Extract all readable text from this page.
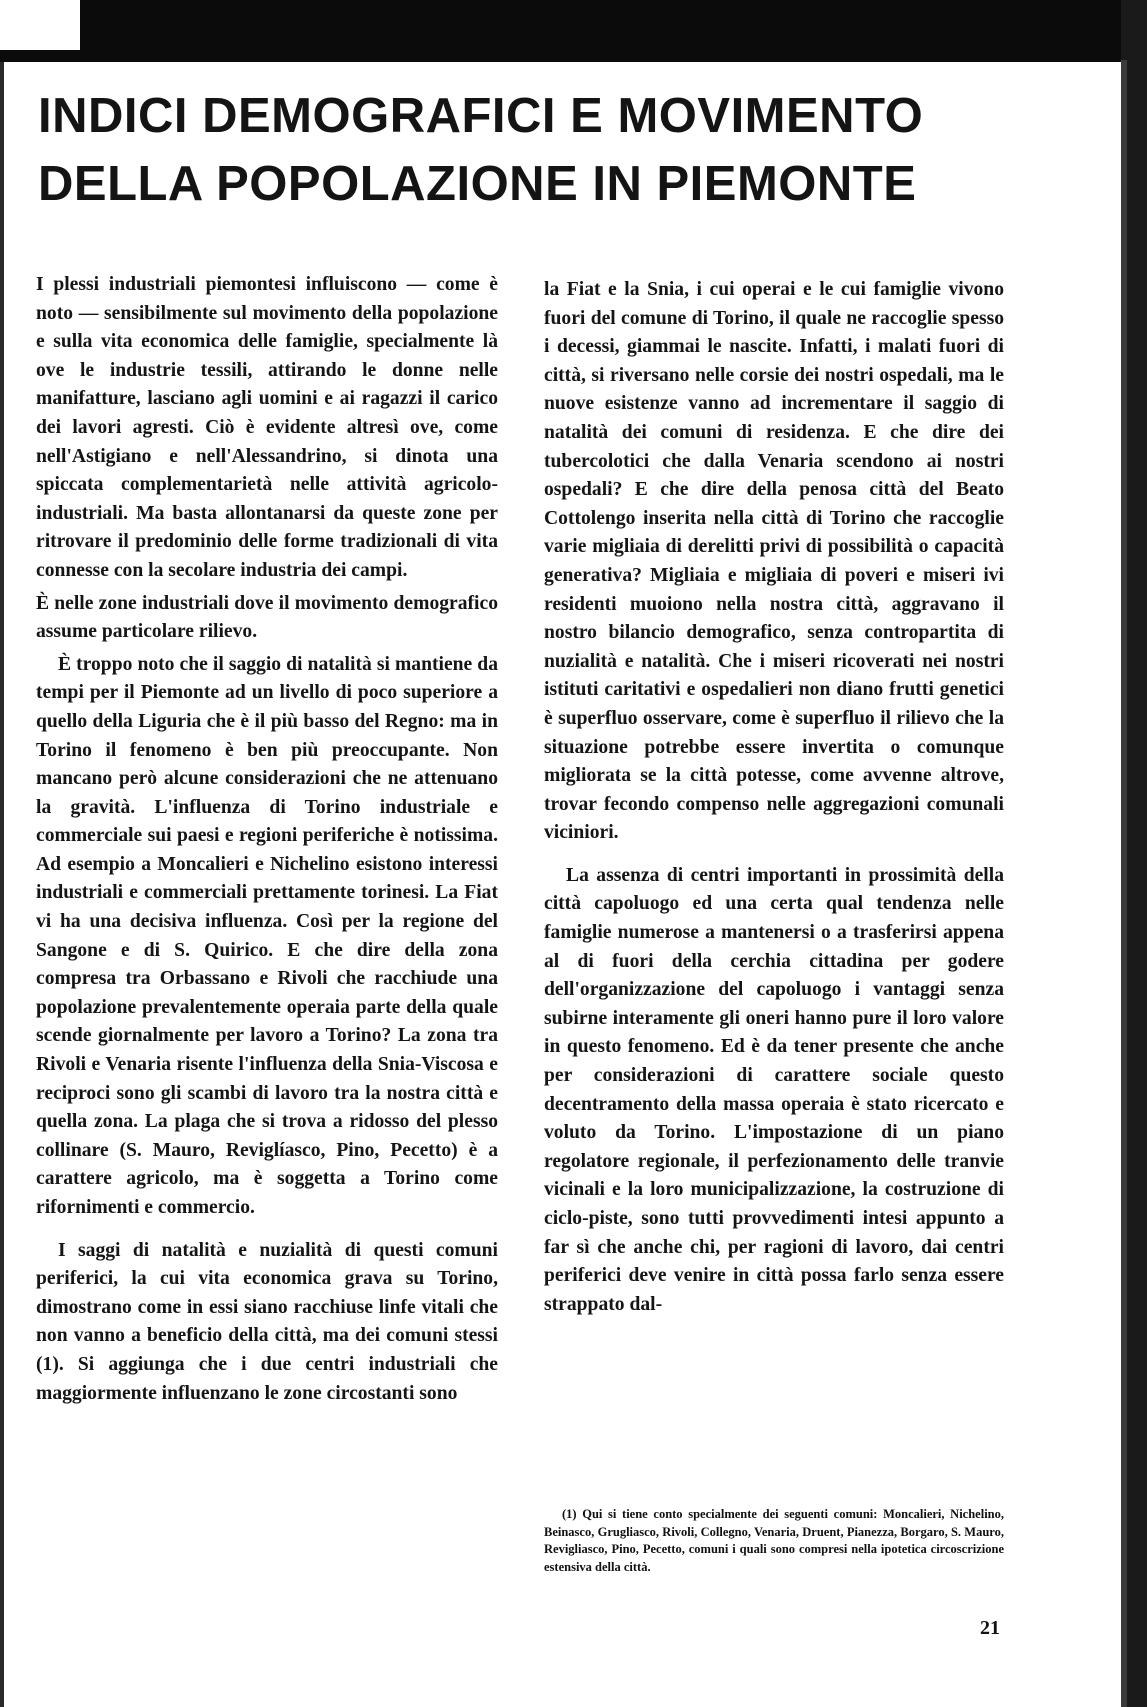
INDICI DEMOGRAFICI E MOVIMENTO
DELLA POPOLAZIONE IN PIEMONTE

I plessi industriali piemontesi influiscono — come è noto — sensibilmente sul movimento della popolazione e sulla vita economica delle famiglie, specialmente là ove le industrie tessili, attirando le donne nelle manifatture, lasciano agli uomini e ai ragazzi il carico dei lavori agresti. Ciò è evidente altresì ove, come nell'Astigiano e nell'Alessandrino, si dinota una spiccata complementarietà nelle attività agricolo-industriali. Ma basta allontanarsi da queste zone per ritrovare il predominio delle forme tradizionali di vita connesse con la secolare industria dei campi.

È nelle zone industriali dove il movimento demografico assume particolare rilievo.

È troppo noto che il saggio di natalità si mantiene da tempi per il Piemonte ad un livello di poco superiore a quello della Liguria che è il più basso del Regno: ma in Torino il fenomeno è ben più preoccupante. Non mancano però alcune considerazioni che ne attenuano la gravità. L'influenza di Torino industriale e commerciale sui paesi e regioni periferiche è notissima. Ad esempio a Moncalieri e Nichelino esistono interessi industriali e commerciali prettamente torinesi. La Fiat vi ha una decisiva influenza. Così per la regione del Sangone e di S. Quirico. E che dire della zona compresa tra Orbassano e Rivoli che racchiude una popolazione prevalentemente operaia parte della quale scende giornalmente per lavoro a Torino? La zona tra Rivoli e Venaria risente l'influenza della Snia-Viscosa e reciproci sono gli scambi di lavoro tra la nostra città e quella zona. La plaga che si trova a ridosso del plesso collinare (S. Mauro, Reviglíasco, Pino, Pecetto) è a carattere agricolo, ma è soggetta a Torino come rifornimenti e commercio.

I saggi di natalità e nuzialità di questi comuni periferici, la cui vita economica grava su Torino, dimostrano come in essi siano racchiuse linfe vitali che non vanno a beneficio della città, ma dei comuni stessi (1). Si aggiunga che i due centri industriali che maggiormente influenzano le zone circostanti sono

la Fiat e la Snia, i cui operai e le cui famiglie vivono fuori del comune di Torino, il quale ne raccoglie spesso i decessi, giammai le nascite. Infatti, i malati fuori di città, si riversano nelle corsie dei nostri ospedali, ma le nuove esistenze vanno ad incrementare il saggio di natalità dei comuni di residenza. E che dire dei tubercolotici che dalla Venaria scendono ai nostri ospedali? E che dire della penosa città del Beato Cottolengo inserita nella città di Torino che raccoglie varie migliaia di derelitti privi di possibilità o capacità generativa? Migliaia e migliaia di poveri e miseri ivi residenti muoiono nella nostra città, aggravano il nostro bilancio demografico, senza contropartita di nuzialità e natalità. Che i miseri ricoverati nei nostri istituti caritativi e ospedalieri non diano frutti genetici è superfluo osservare, come è superfluo il rilievo che la situazione potrebbe essere invertita o comunque migliorata se la città potesse, come avvenne altrove, trovar fecondo compenso nelle aggregazioni comunali viciniori.

La assenza di centri importanti in prossimità della città capoluogo ed una certa qual tendenza nelle famiglie numerose a mantenersi o a trasferirsi appena al di fuori della cerchia cittadina per godere dell'organizzazione del capoluogo i vantaggi senza subirne interamente gli oneri hanno pure il loro valore in questo fenomeno. Ed è da tener presente che anche per considerazioni di carattere sociale questo decentramento della massa operaia è stato ricercato e voluto da Torino. L'impostazione di un piano regolatore regionale, il perfezionamento delle tranvie vicinali e la loro municipalizzazione, la costruzione di ciclo-piste, sono tutti provvedimenti intesi appunto a far sì che anche chi, per ragioni di lavoro, dai centri periferici deve venire in città possa farlo senza essere strappato dal-

(1) Qui si tiene conto specialmente dei seguenti comuni: Moncalieri, Nichelino, Beinasco, Grugliasco, Rivoli, Collegno, Venaria, Druent, Pianezza, Borgaro, S. Mauro, Revigliasco, Pino, Pecetto, comuni i quali sono compresi nella ipotetica circoscrizione estensiva della città.
21
